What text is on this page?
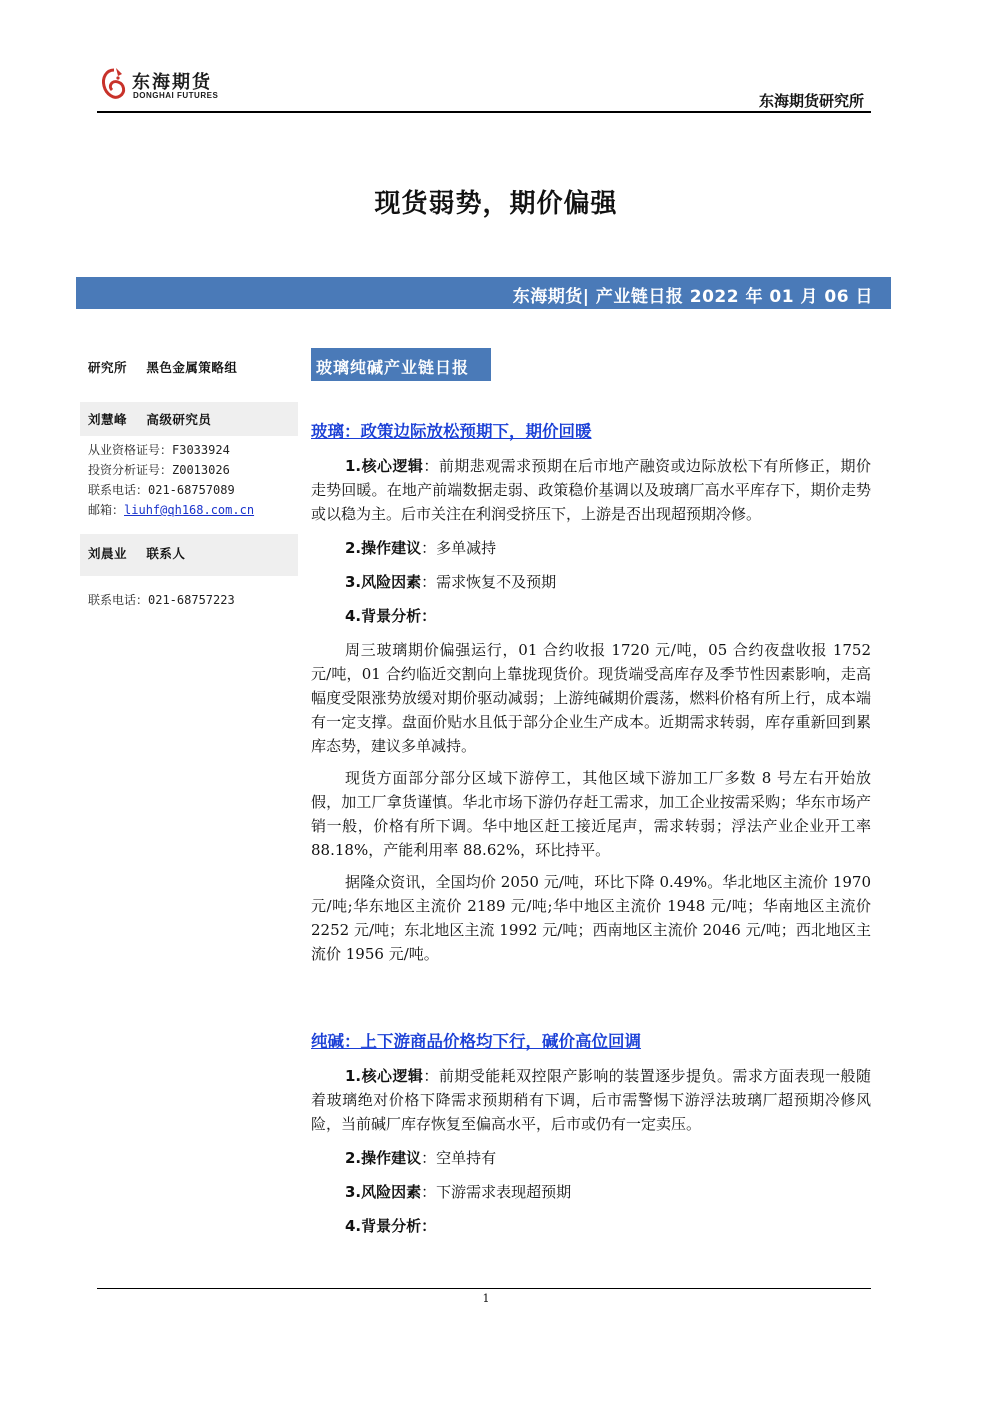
东海期货
DONGHAI FUTURES	东海期货研究所
现货弱势，期价偏强
东海期货| 产业链日报 2022 年 01 月 06 日
研究所    黑色金属策略组
刘慧峰    高级研究员
从业资格证号：F3033924
投资分析证号：Z0013026
联系电话：021-68757089
邮箱：liuhf@qh168.com.cn
刘晨业    联系人
联系电话：021-68757223
玻璃纯碱产业链日报
玻璃：政策边际放松预期下，期价回暖

1.核心逻辑：前期悲观需求预期在后市地产融资或边际放松下有所修正，期价走势回暖。在地产前端数据走弱、政策稳价基调以及玻璃厂高水平库存下，期价走势或以稳为主。后市关注在利润受挤压下，上游是否出现超预期冷修。

2.操作建议：多单减持

3.风险因素：需求恢复不及预期

4.背景分析：

周三玻璃期价偏强运行，01 合约收报 1720 元/吨，05 合约夜盘收报 1752 元/吨，01 合约临近交割向上靠拢现货价。现货端受高库存及季节性因素影响，走高幅度受限涨势放缓对期价驱动减弱；上游纯碱期价震荡，燃料价格有所上行，成本端有一定支撑。盘面价贴水且低于部分企业生产成本。近期需求转弱，库存重新回到累库态势，建议多单减持。

现货方面部分部分区域下游停工，其他区域下游加工厂多数 8 号左右开始放假，加工厂拿货谨慎。华北市场下游仍存赶工需求，加工企业按需采购；华东市场产销一般，价格有所下调。华中地区赶工接近尾声，需求转弱；浮法产业企业开工率 88.18%，产能利用率 88.62%，环比持平。

据隆众资讯，全国均价 2050 元/吨，环比下降 0.49%。华北地区主流价 1970 元/吨;华东地区主流价 2189 元/吨;华中地区主流价 1948 元/吨；华南地区主流价 2252 元/吨；东北地区主流 1992 元/吨；西南地区主流价 2046 元/吨；西北地区主流价 1956 元/吨。

纯碱：上下游商品价格均下行，碱价高位回调

1.核心逻辑：前期受能耗双控限产影响的装置逐步提负。需求方面表现一般随着玻璃绝对价格下降需求预期稍有下调，后市需警惕下游浮法玻璃厂超预期冷修风险，当前碱厂库存恢复至偏高水平，后市或仍有一定卖压。

2.操作建议：空单持有

3.风险因素：下游需求表现超预期

4.背景分析：

1
